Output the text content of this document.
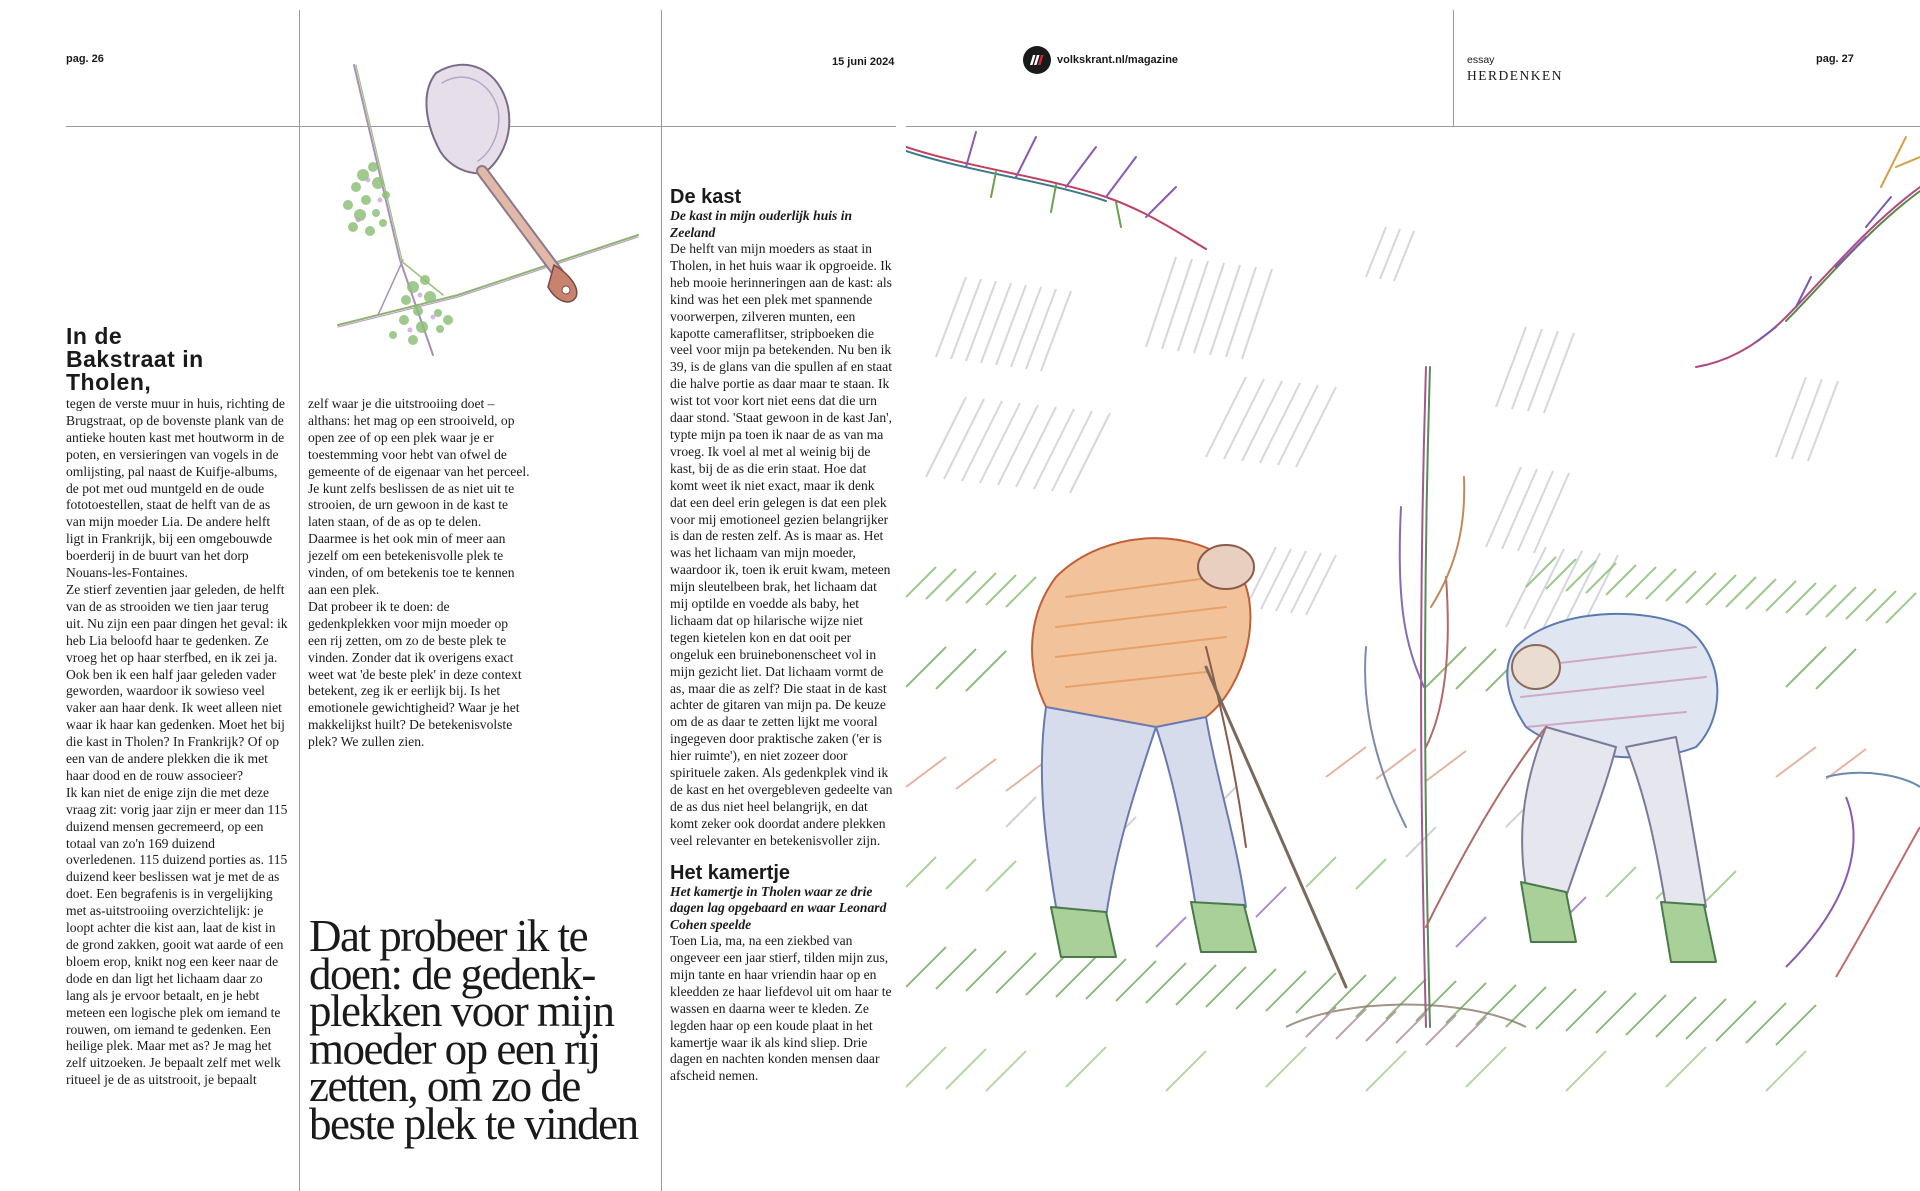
pag. 26	15 juni 2024	volkskrant.nl/magazine	essay
HERDENKEN
pag. 27
In de Bakstraat in Tholen,

tegen de verste muur in huis, richting de Brugstraat, op de bovenste plank van de antieke houten kast met houtworm in de poten, en versieringen van vogels in de omlijsting, pal naast de Kuifje-albums, de pot met oud muntgeld en de oude fototoestellen, staat de helft van de as van mijn moeder Lia. De andere helft ligt in Frankrijk, bij een omgebouwde boerderij in de buurt van het dorp Nouans-les-Fontaines.

Ze stierf zeventien jaar geleden, de helft van de as strooiden we tien jaar terug uit. Nu zijn een paar dingen het geval: ik heb Lia beloofd haar te gedenken. Ze vroeg het op haar sterfbed, en ik zei ja. Ook ben ik een half jaar geleden vader geworden, waardoor ik sowieso veel vaker aan haar denk. Ik weet alleen niet waar ik haar kan gedenken. Moet het bij die kast in Tholen? In Frankrijk? Of op een van de andere plekken die ik met haar dood en de rouw associeer?

Ik kan niet de enige zijn die met deze vraag zit: vorig jaar zijn er meer dan 115 duizend mensen gecremeerd, op een totaal van zo'n 169 duizend overledenen. 115 duizend porties as. 115 duizend keer beslissen wat je met de as doet. Een begrafenis is in vergelijking met as-uitstrooiing overzichtelijk: je loopt achter die kist aan, laat de kist in de grond zakken, gooit wat aarde of een bloem erop, knikt nog een keer naar de dode en dan ligt het lichaam daar zo lang als je ervoor betaalt, en je hebt meteen een logische plek om iemand te rouwen, om iemand te gedenken. Een heilige plek. Maar met as? Je mag het zelf uitzoeken. Je bepaalt zelf met welk ritueel je de as uitstrooit, je bepaalt

zelf waar je die uitstrooiing doet – althans: het mag op een strooiveld, op open zee of op een plek waar je er toestemming voor hebt van ofwel de gemeente of de eigenaar van het perceel. Je kunt zelfs beslissen de as niet uit te strooien, de urn gewoon in de kast te laten staan, of de as op te delen. Daarmee is het ook min of meer aan jezelf om een betekenisvolle plek te vinden, of om betekenis toe te kennen aan een plek.

Dat probeer ik te doen: de gedenkplekken voor mijn moeder op een rij zetten, om zo de beste plek te vinden. Zonder dat ik overigens exact weet wat 'de beste plek' in deze context betekent, zeg ik er eerlijk bij. Is het emotionele gewichtigheid? Waar je het makkelijkst huilt? De betekenisvolste plek? We zullen zien.

Dat probeer ik te doen: de gedenk-plekken voor mijn moeder op een rij zetten, om zo de beste plek te vinden

De kast

De kast in mijn ouderlijk huis in Zeeland

De helft van mijn moeders as staat in Tholen, in het huis waar ik opgroeide. Ik heb mooie herinneringen aan de kast: als kind was het een plek met spannende voorwerpen, zilveren munten, een kapotte cameraflitser, stripboeken die veel voor mijn pa betekenden. Nu ben ik 39, is de glans van die spullen af en staat die halve portie as daar maar te staan. Ik wist tot voor kort niet eens dat die urn daar stond. 'Staat gewoon in de kast Jan', typte mijn pa toen ik naar de as van ma vroeg. Ik voel al met al weinig bij de kast, bij de as die erin staat. Hoe dat komt weet ik niet exact, maar ik denk dat een deel erin gelegen is dat een plek voor mij emotioneel gezien belangrijker is dan de resten zelf. As is maar as. Het was het lichaam van mijn moeder, waardoor ik, toen ik eruit kwam, meteen mijn sleutelbeen brak, het lichaam dat mij optilde en voedde als baby, het lichaam dat op hilarische wijze niet tegen kietelen kon en dat ooit per ongeluk een bruinebonenscheet vol in mijn gezicht liet. Dat lichaam vormt de as, maar die as zelf? Die staat in de kast achter de gitaren van mijn pa. De keuze om de as daar te zetten lijkt me vooral ingegeven door praktische zaken ('er is hier ruimte'), en niet zozeer door spirituele zaken. Als gedenkplek vind ik de kast en het overgebleven gedeelte van de as dus niet heel belangrijk, en dat komt zeker ook doordat andere plekken veel relevanter en betekenisvoller zijn.

Het kamertje

Het kamertje in Tholen waar ze drie dagen lag opgebaard en waar Leonard Cohen speelde

Toen Lia, ma, na een ziekbed van ongeveer een jaar stierf, tilden mijn zus, mijn tante en haar vriendin haar op en kleedden ze haar liefdevol uit om haar te wassen en daarna weer te kleden. Ze legden haar op een koude plaat in het kamertje waar ik als kind sliep. Drie dagen en nachten konden mensen daar afscheid nemen.
